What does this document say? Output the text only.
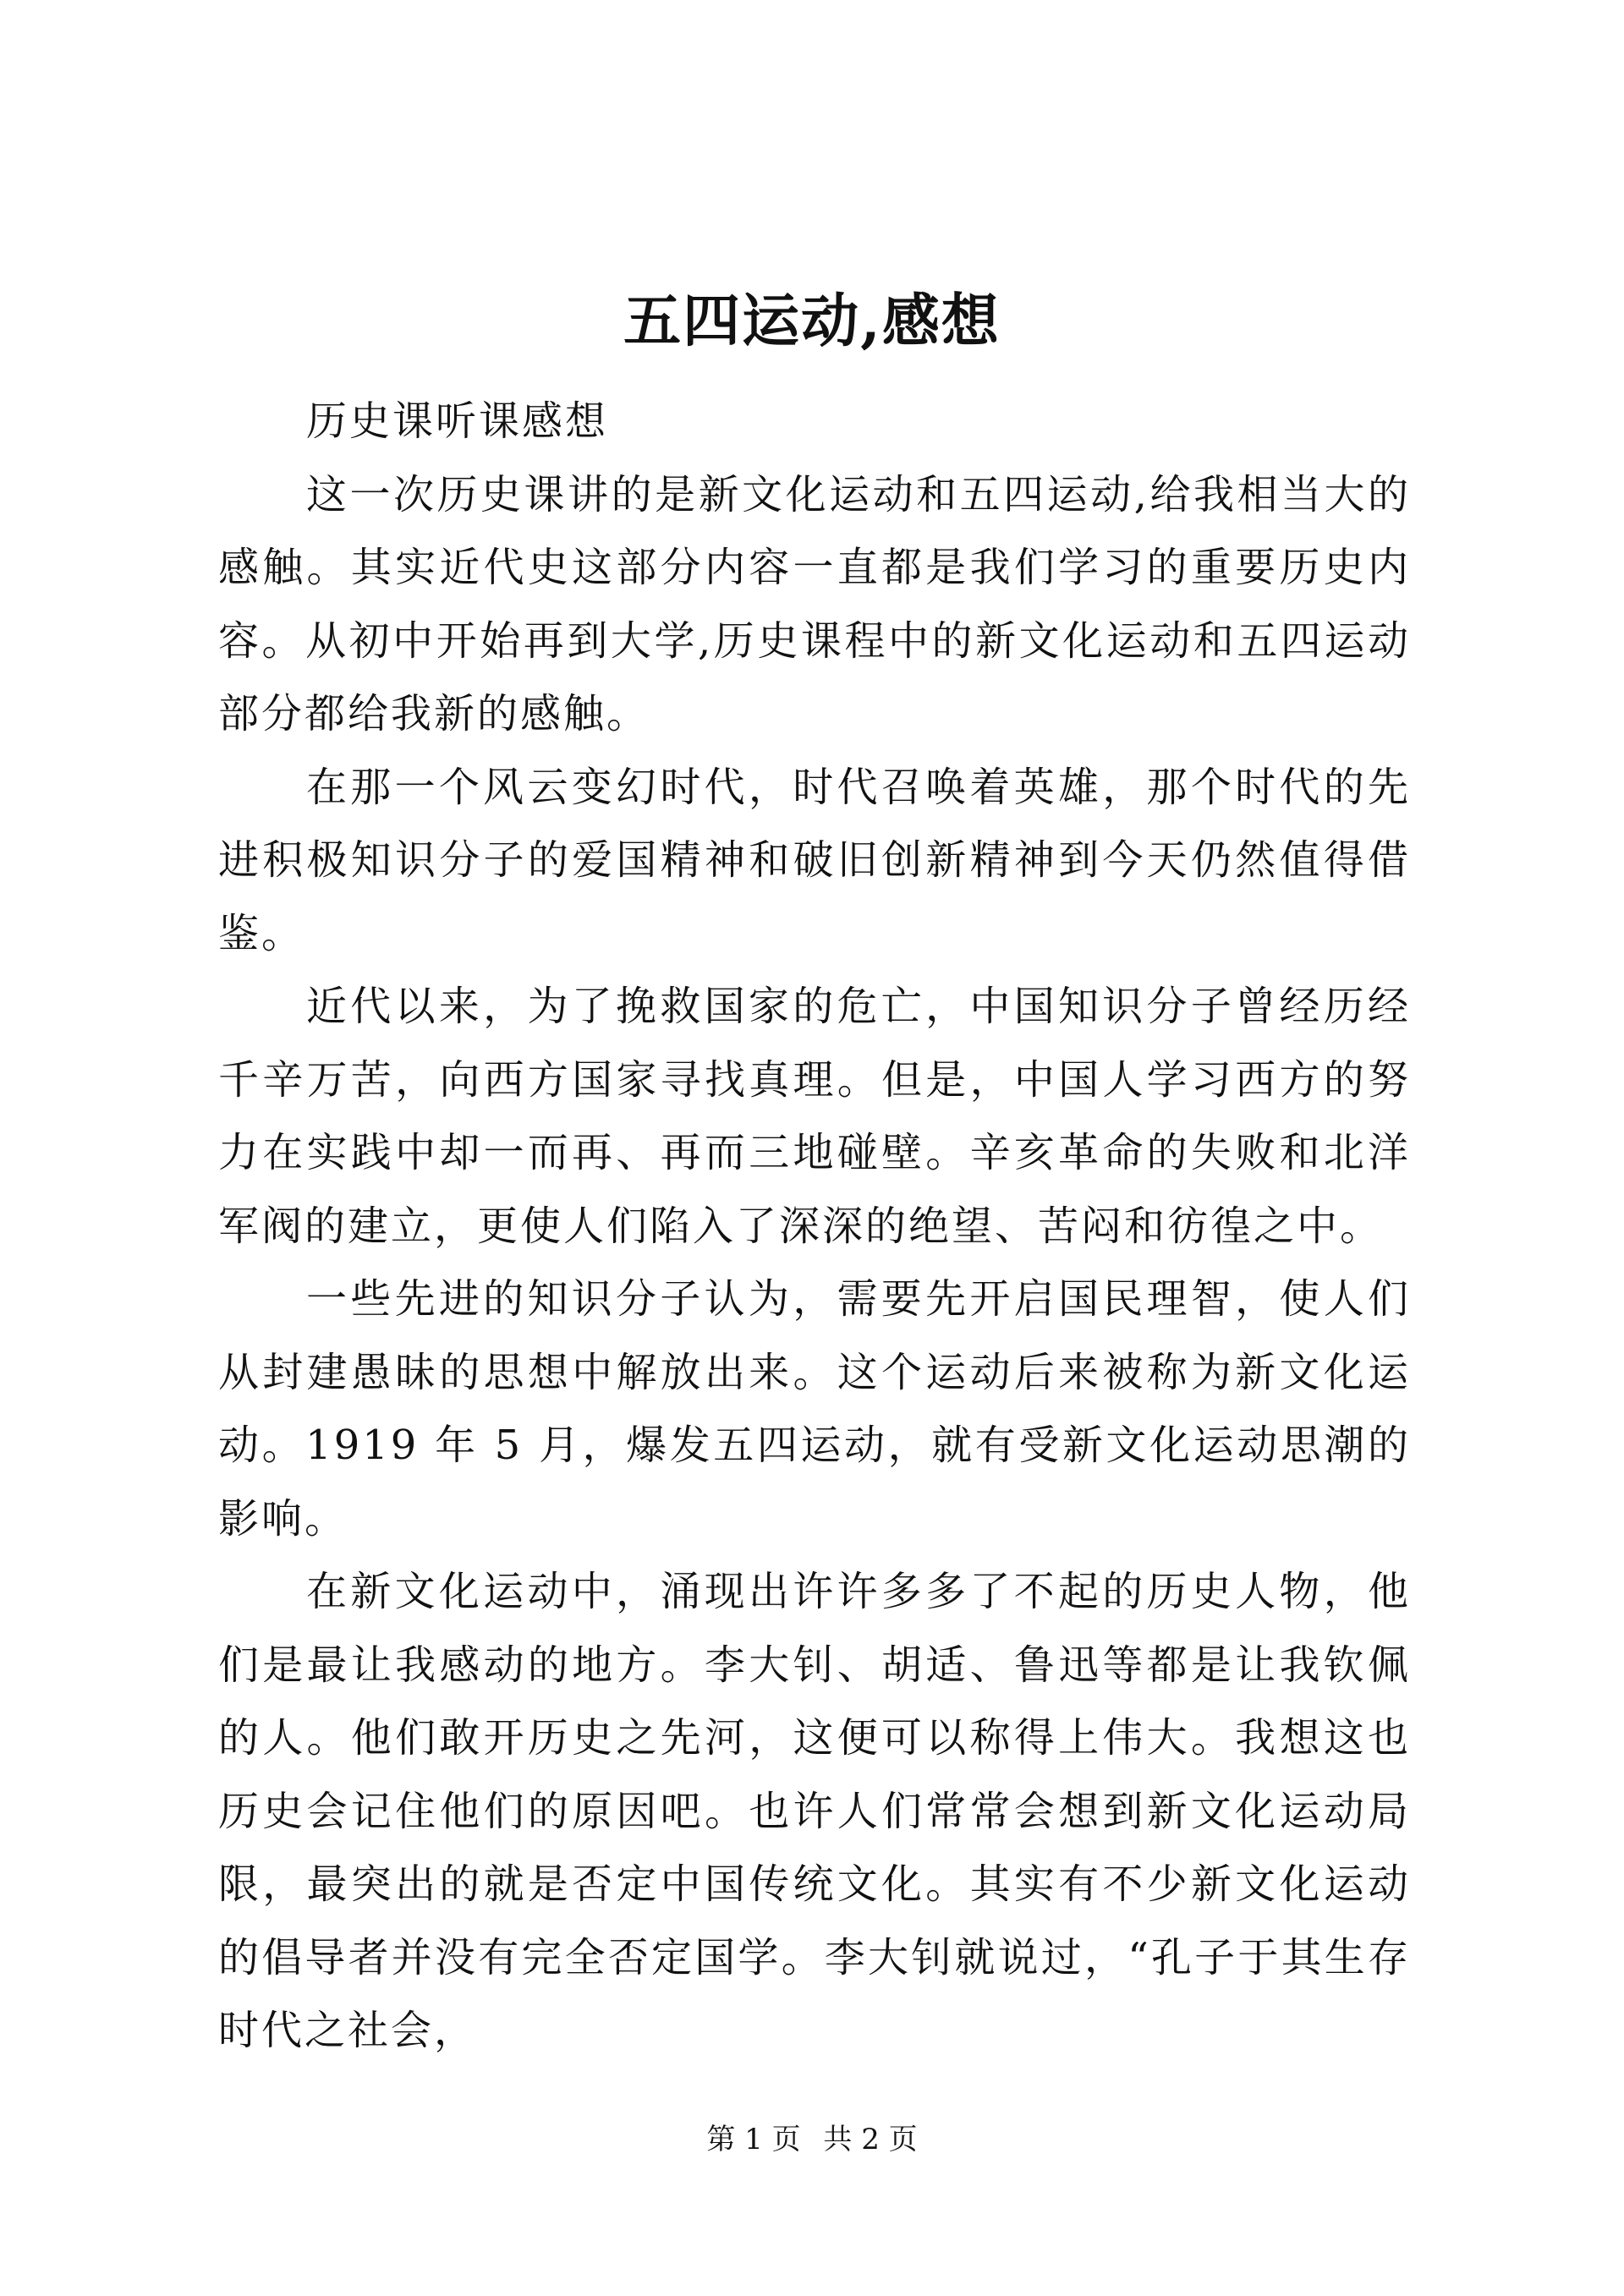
五四运动,感想

历史课听课感想

这一次历史课讲的是新文化运动和五四运动,给我相当大的感触。其实近代史这部分内容一直都是我们学习的重要历史内容。从初中开始再到大学,历史课程中的新文化运动和五四运动部分都给我新的感触。

在那一个风云变幻时代，时代召唤着英雄，那个时代的先进积极知识分子的爱国精神和破旧创新精神到今天仍然值得借鉴。

近代以来，为了挽救国家的危亡，中国知识分子曾经历经千辛万苦，向西方国家寻找真理。但是，中国人学习西方的努力在实践中却一而再、再而三地碰壁。辛亥革命的失败和北洋军阀的建立，更使人们陷入了深深的绝望、苦闷和彷徨之中。

一些先进的知识分子认为，需要先开启国民理智，使人们从封建愚昧的思想中解放出来。这个运动后来被称为新文化运动。1919 年 5 月，爆发五四运动，就有受新文化运动思潮的影响。

在新文化运动中，涌现出许许多多了不起的历史人物，他们是最让我感动的地方。李大钊、胡适、鲁迅等都是让我钦佩的人。他们敢开历史之先河，这便可以称得上伟大。我想这也历史会记住他们的原因吧。也许人们常常会想到新文化运动局限，最突出的就是否定中国传统文化。其实有不少新文化运动的倡导者并没有完全否定国学。李大钊就说过，“孔子于其生存时代之社会，

第 1 页 共 2 页
